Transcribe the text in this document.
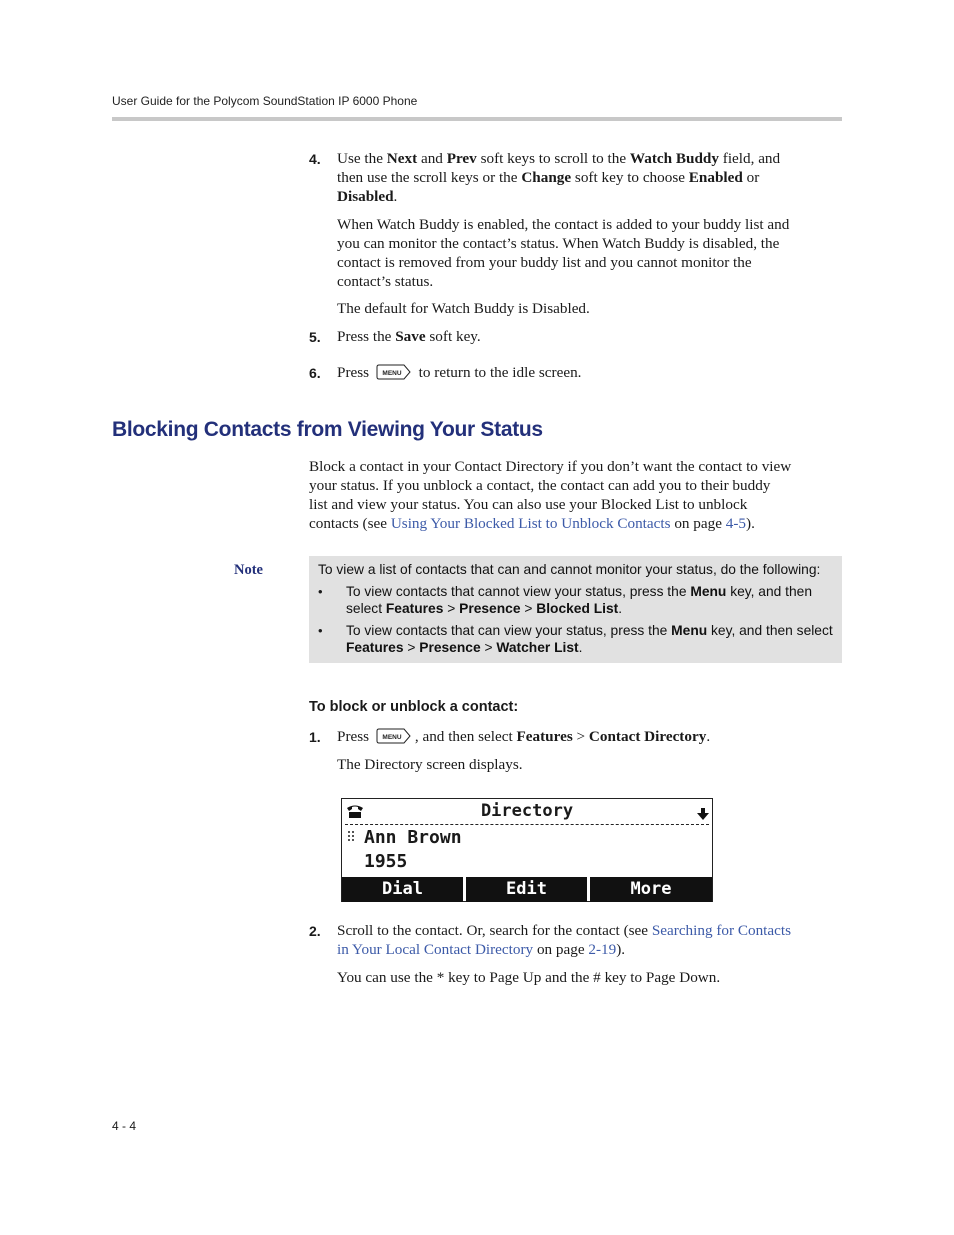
User Guide for the Polycom SoundStation IP 6000 Phone
4. Use the Next and Prev soft keys to scroll to the Watch Buddy field, and
then use the scroll keys or the Change soft key to choose Enabled or
Disabled.
When Watch Buddy is enabled, the contact is added to your buddy list and
you can monitor the contact’s status. When Watch Buddy is disabled, the
contact is removed from your buddy list and you cannot monitor the
contact’s status.
The default for Watch Buddy is Disabled.
5. Press the Save soft key.
6. Press MENU to return to the idle screen.
Blocking Contacts from Viewing Your Status
Block a contact in your Contact Directory if you don’t want the contact to view
your status. If you unblock a contact, the contact can add you to their buddy
list and view your status. You can also use your Blocked List to unblock
contacts (see Using Your Blocked List to Unblock Contacts on page 4-5).
Note	To view a list of contacts that can and cannot monitor your status, do the following:
• To view contacts that cannot view your status, press the Menu key, and then
select Features > Presence > Blocked List.
• To view contacts that can view your status, press the Menu key, and then select
Features > Presence > Watcher List.
To block or unblock a contact:
1. Press MENU , and then select Features > Contact Directory.
The Directory screen displays.
Directory
Ann Brown
1955
Dial	Edit	More
2. Scroll to the contact. Or, search for the contact (see Searching for Contacts
in Your Local Contact Directory on page 2-19).
You can use the * key to Page Up and the # key to Page Down.
4 - 4
